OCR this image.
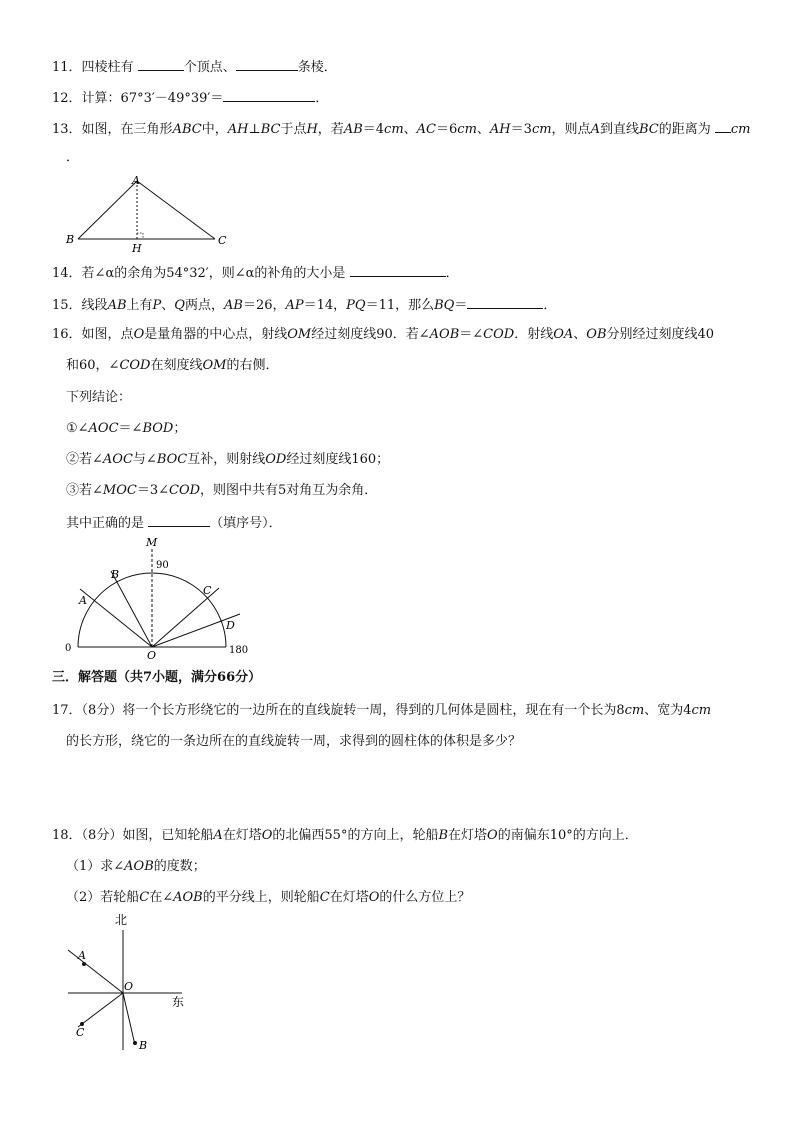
11．四棱柱有	个顶点、	条棱．
12．计算：67°3′－49°39′＝	．
13．如图，在三角形ABC中，AH⊥BC于点H，若AB＝4cm、AC＝6cm、AH＝3cm，则点A到直线BC的距离为 cm
．
A
B	C
H
14．若∠α的余角为54°32′，则∠α的补角的大小是	．
15．线段AB上有P、Q两点，AB＝26，AP＝14，PQ＝11，那么BQ＝	．
16．如图，点O是量角器的中心点，射线OM经过刻度线90．若∠AOB＝∠COD．射线OA、OB分别经过刻度线40
和60，∠COD在刻度线OM的右侧．
下列结论：
①∠AOC＝∠BOD；
②若∠AOC与∠BOC互补，则射线OD经过刻度线160；
③若∠MOC＝3∠COD，则图中共有5对角互为余角．
其中正确的是	（填序号）．
M
90
B
C
A
D
0
O	180
三．解答题（共7小题，满分66分）
17．（8分）将一个长方形绕它的一边所在的直线旋转一周，得到的几何体是圆柱，现在有一个长为8cm、宽为4cm
的长方形，绕它的一条边所在的直线旋转一周，求得到的圆柱体的体积是多少？
18．（8分）如图，已知轮船A在灯塔O的北偏西55°的方向上，轮船B在灯塔O的南偏东10°的方向上．
（1）求∠AOB的度数；
（2）若轮船C在∠AOB的平分线上，则轮船C在灯塔O的什么方位上？
北
东
A
O
C
B
